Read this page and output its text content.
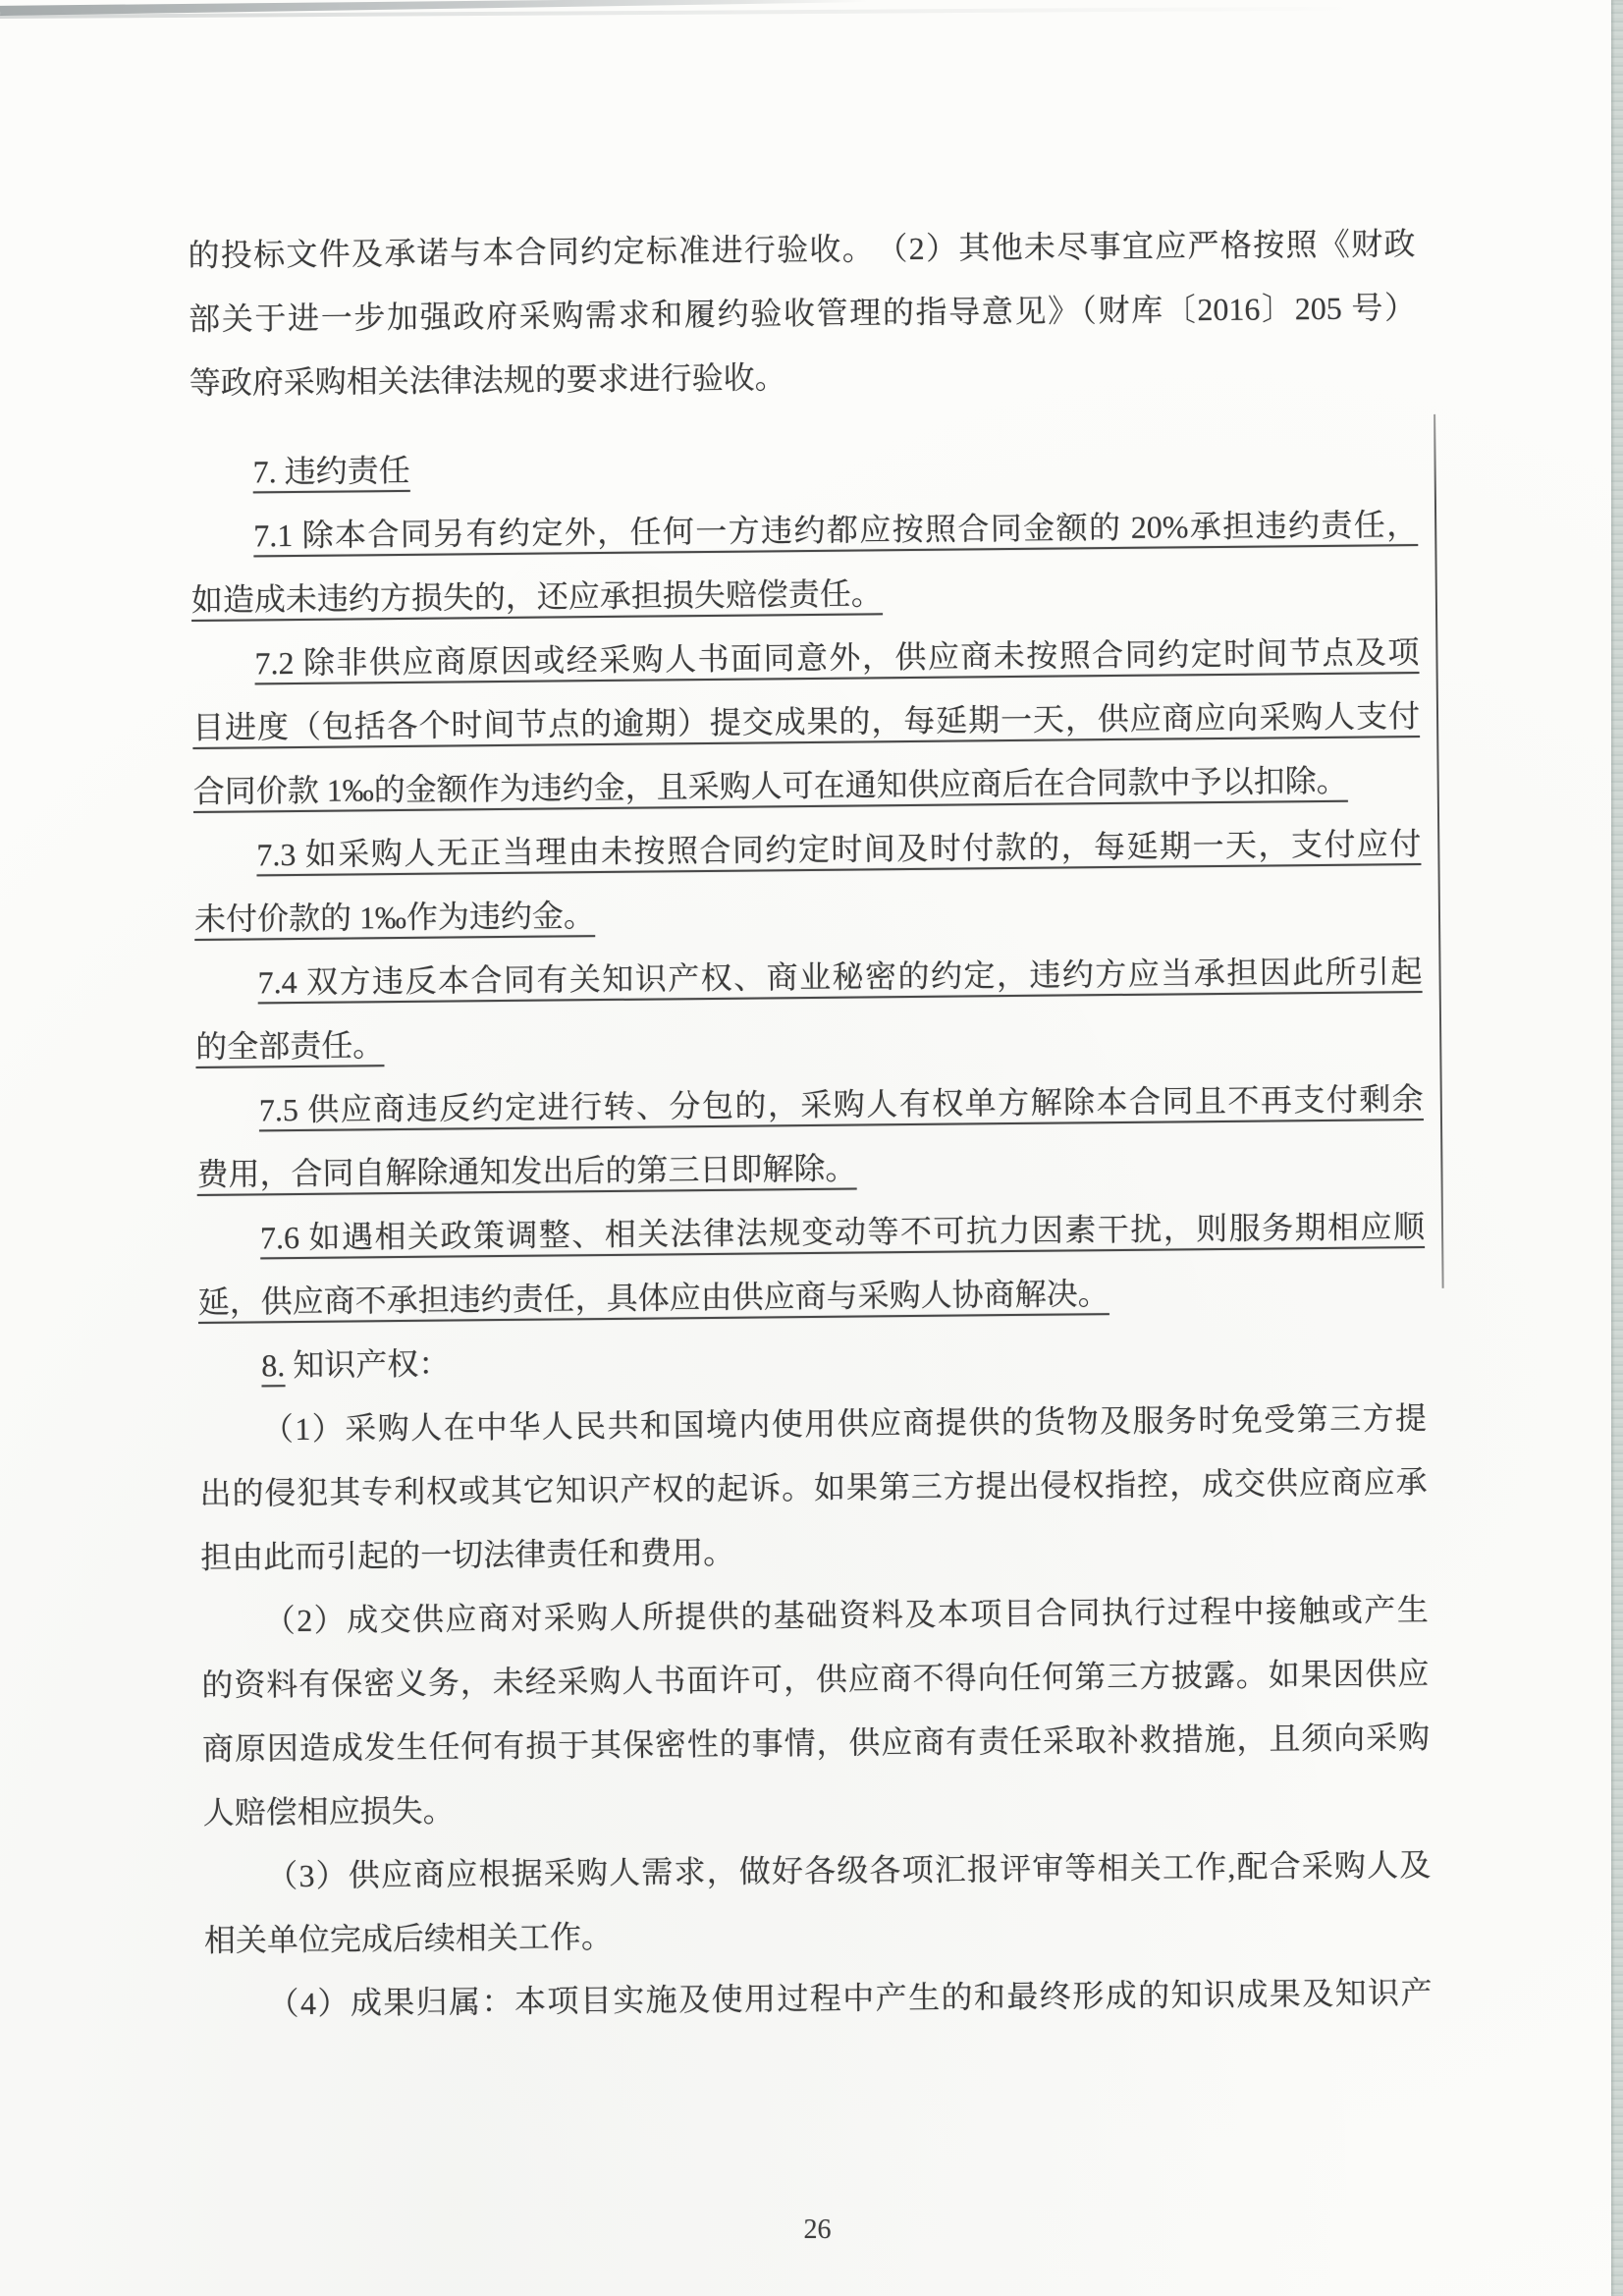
的投标文件及承诺与本合同约定标准进行验收。　（2）其他未尽事宜应严格按照《财政
部关于进一步加强政府采购需求和履约验收管理的指导意见》（财库〔2016〕205 号）
等政府采购相关法律法规的要求进行验收。
7. 违约责任
7.1 除本合同另有约定外，任何一方违约都应按照合同金额的 20%承担违约责任，
如造成未违约方损失的，还应承担损失赔偿责任。
7.2 除非供应商原因或经采购人书面同意外，供应商未按照合同约定时间节点及项
目进度（包括各个时间节点的逾期）提交成果的，每延期一天，供应商应向采购人支付
合同价款 1‰的金额作为违约金，且采购人可在通知供应商后在合同款中予以扣除。
7.3 如采购人无正当理由未按照合同约定时间及时付款的，每延期一天，支付应付
未付价款的 1‰作为违约金。
7.4 双方违反本合同有关知识产权、商业秘密的约定，违约方应当承担因此所引起
的全部责任。
7.5 供应商违反约定进行转、分包的，采购人有权单方解除本合同且不再支付剩余
费用，合同自解除通知发出后的第三日即解除。
7.6 如遇相关政策调整、相关法律法规变动等不可抗力因素干扰，则服务期相应顺
延，供应商不承担违约责任，具体应由供应商与采购人协商解决。
8. 知识产权：
（1）采购人在中华人民共和国境内使用供应商提供的货物及服务时免受第三方提
出的侵犯其专利权或其它知识产权的起诉。如果第三方提出侵权指控，成交供应商应承
担由此而引起的一切法律责任和费用。
（2）成交供应商对采购人所提供的基础资料及本项目合同执行过程中接触或产生
的资料有保密义务，未经采购人书面许可，供应商不得向任何第三方披露。如果因供应
商原因造成发生任何有损于其保密性的事情，供应商有责任采取补救措施，且须向采购
人赔偿相应损失。
（3）供应商应根据采购人需求，做好各级各项汇报评审等相关工作,配合采购人及
相关单位完成后续相关工作。
（4）成果归属：本项目实施及使用过程中产生的和最终形成的知识成果及知识产
26
